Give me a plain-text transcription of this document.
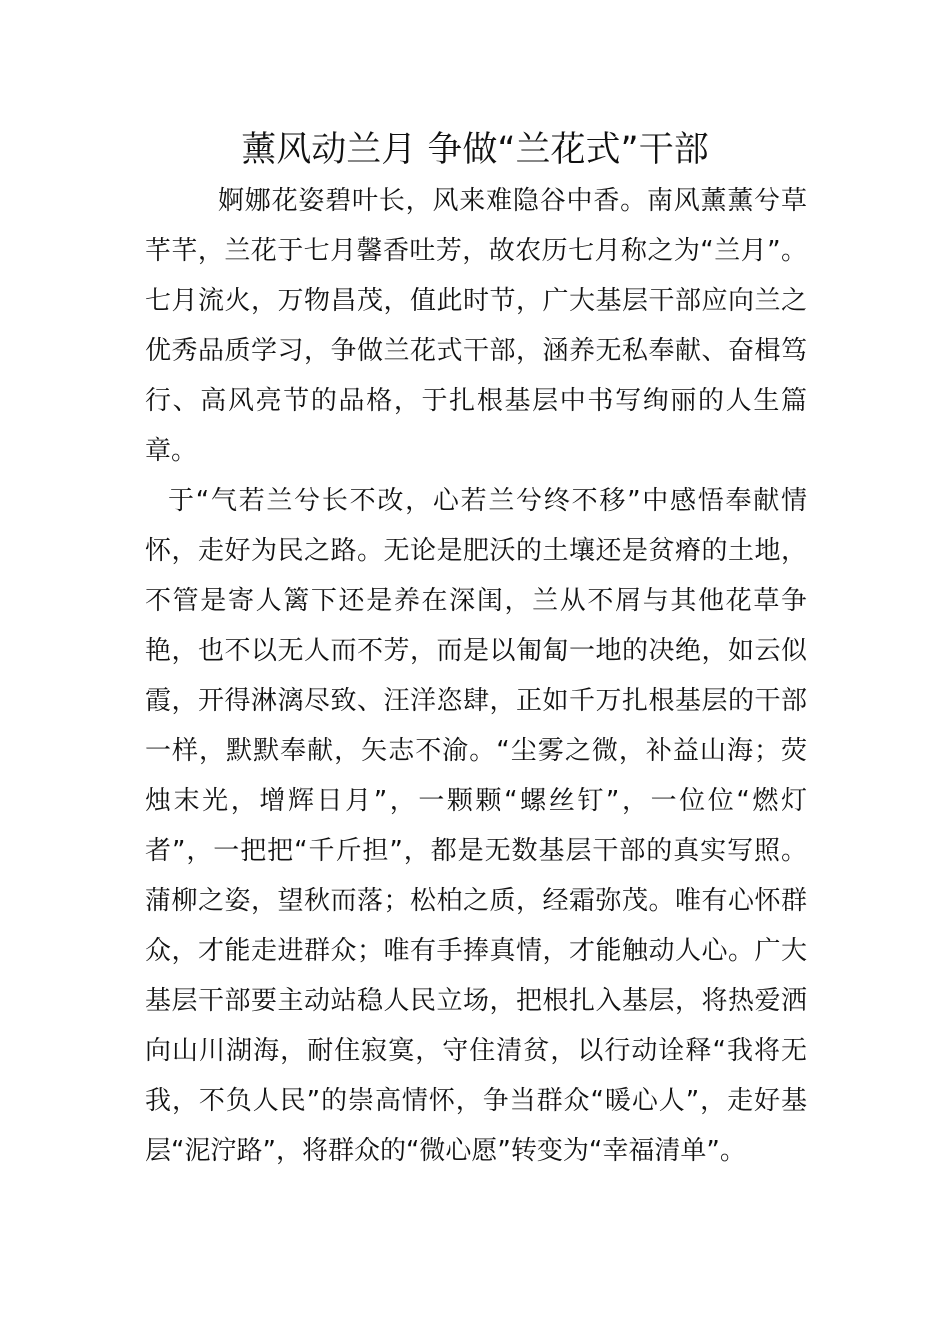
薰风动兰月 争做“兰花式”干部

婀娜花姿碧叶长，风来难隐谷中香。南风薰薰兮草芊芊，兰花于七月馨香吐芳，故农历七月称之为“兰月”。七月流火，万物昌茂，值此时节，广大基层干部应向兰之优秀品质学习，争做兰花式干部，涵养无私奉献、奋楫笃行、高风亮节的品格，于扎根基层中书写绚丽的人生篇章。

于“气若兰兮长不改，心若兰兮终不移”中感悟奉献情怀，走好为民之路。无论是肥沃的土壤还是贫瘠的土地，不管是寄人篱下还是养在深闺，兰从不屑与其他花草争艳，也不以无人而不芳，而是以匍匐一地的决绝，如云似霞，开得淋漓尽致、汪洋恣肆，正如千万扎根基层的干部一样，默默奉献，矢志不渝。“尘雾之微，补益山海；荧烛末光，增辉日月”，一颗颗“螺丝钉”，一位位“燃灯者”，一把把“千斤担”，都是无数基层干部的真实写照。蒲柳之姿，望秋而落；松柏之质，经霜弥茂。唯有心怀群众，才能走进群众；唯有手捧真情，才能触动人心。广大基层干部要主动站稳人民立场，把根扎入基层，将热爱洒向山川湖海，耐住寂寞，守住清贫，以行动诠释“我将无我，不负人民”的崇高情怀，争当群众“暖心人”，走好基层“泥泞路”，将群众的“微心愿”转变为“幸福清单”。
